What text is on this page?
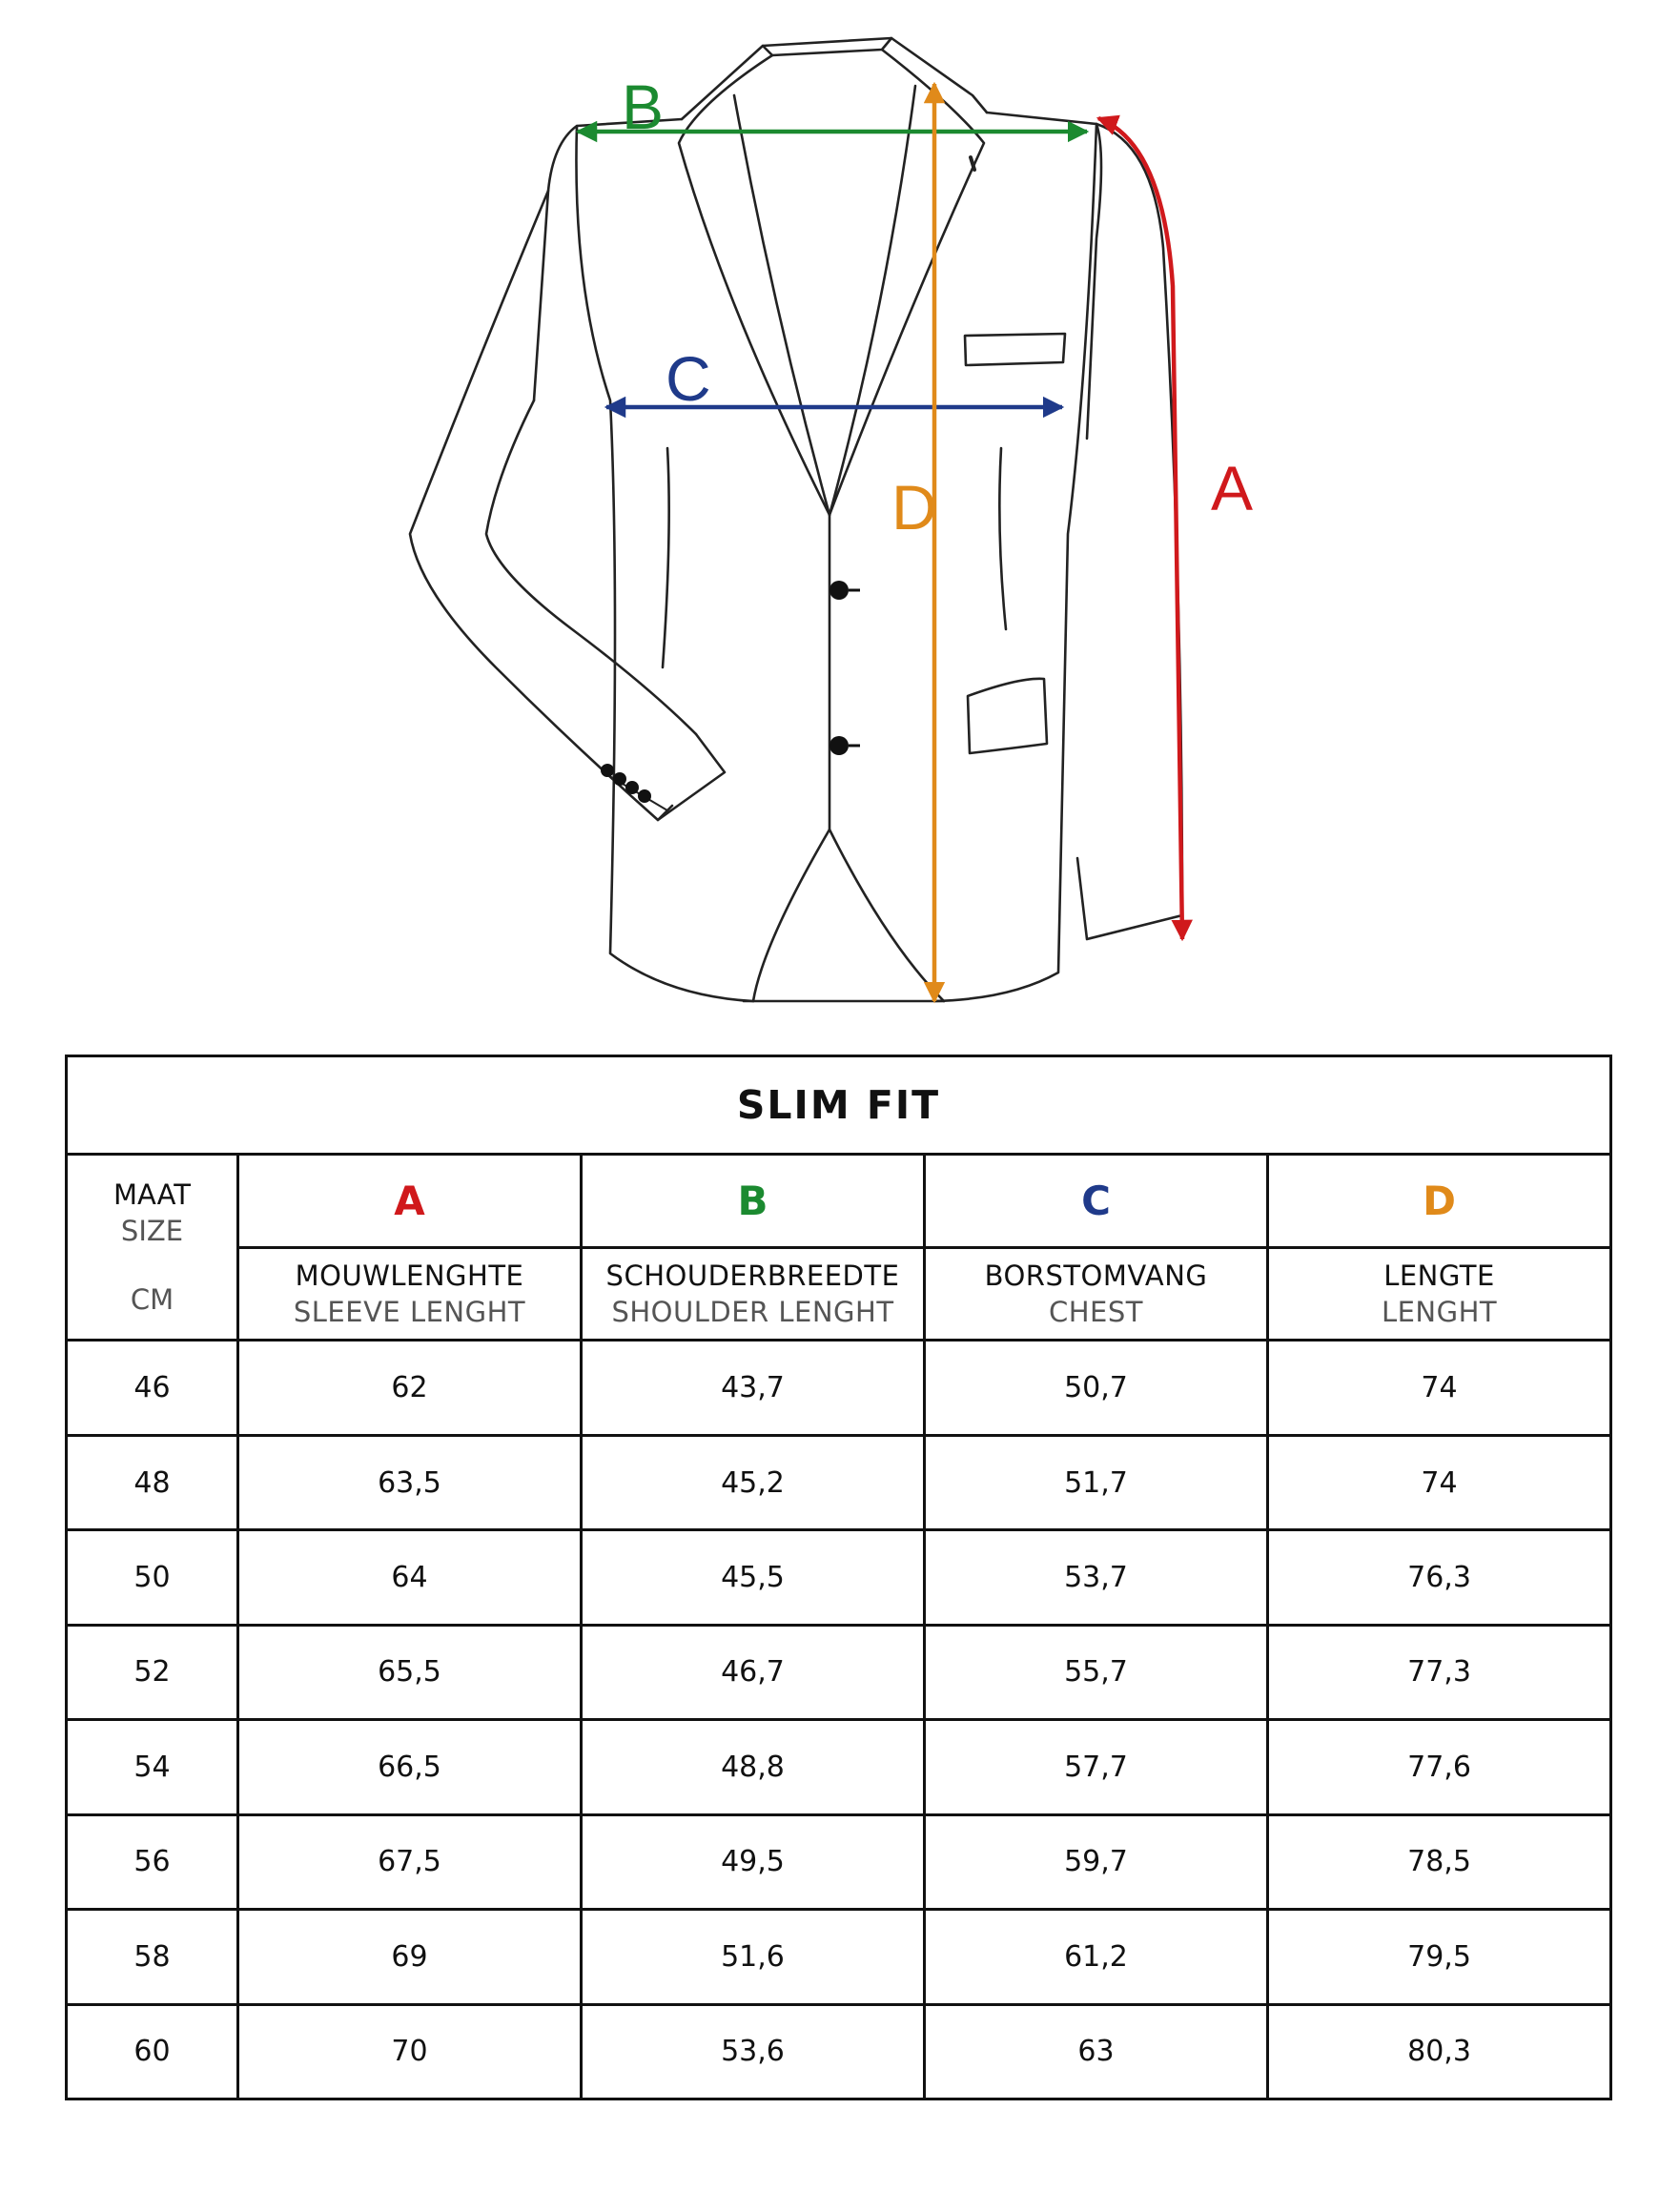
B
C
D	A
SLIM FIT				

MAAT
SIZE
CM	A	B	C	D

	MOUWLENGHTE
SLEEVE LENGHT	SCHOUDERBREEDTE
SHOULDER LENGHT	BORSTOMVANG
CHEST	LENGTE
LENGHT

46	62	43,7	50,7	74
48	63,5	45,2	51,7	74
50	64	45,5	53,7	76,3
52	65,5	46,7	55,7	77,3
54	66,5	48,8	57,7	77,6
56	67,5	49,5	59,7	78,5
58	69	51,6	61,2	79,5
60	70	53,6	63	80,3
